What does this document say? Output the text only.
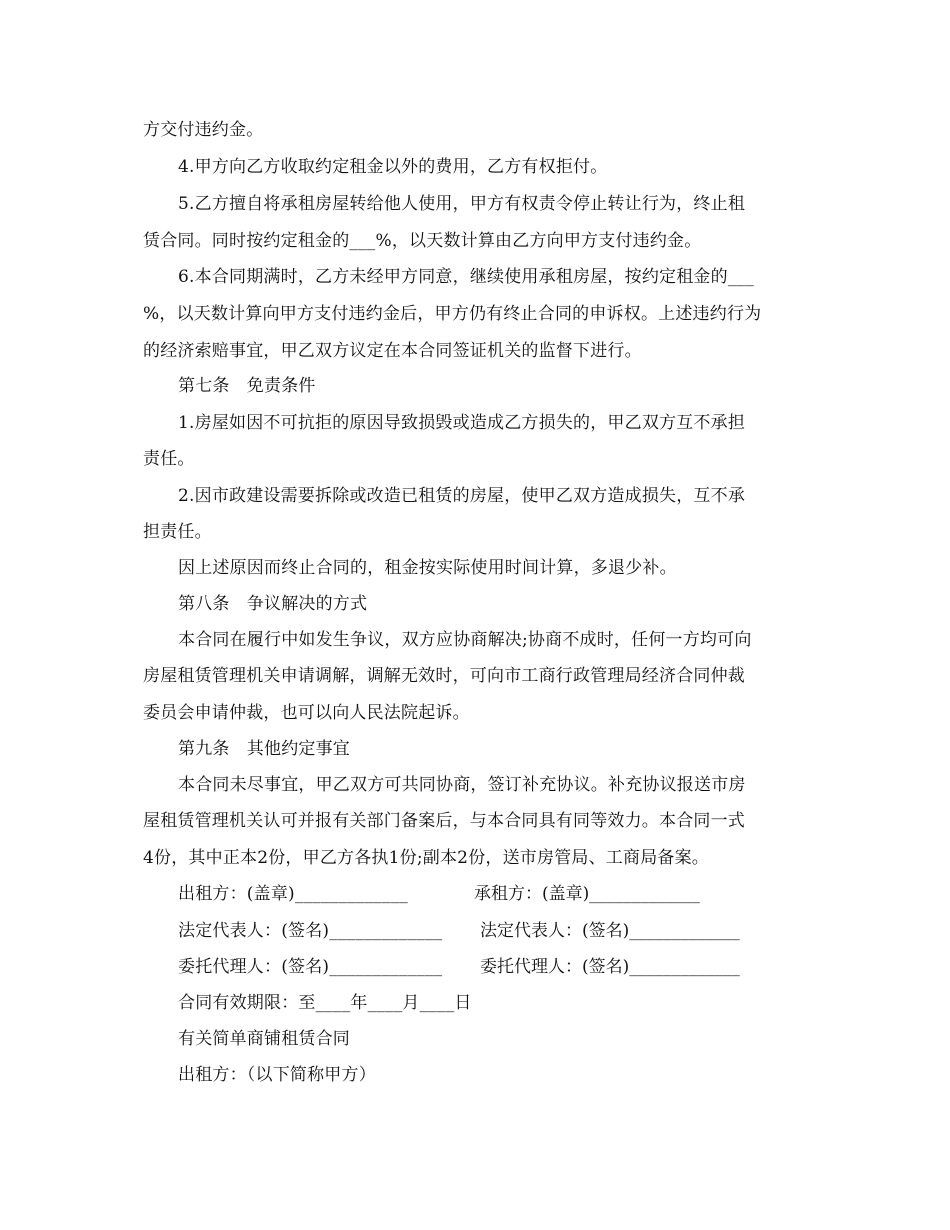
方交付违约金。
4.甲方向乙方收取约定租金以外的费用，乙方有权拒付。
5.乙方擅自将承租房屋转给他人使用，甲方有权责令停止转让行为，终止租
赁合同。同时按约定租金的___%，以天数计算由乙方向甲方支付违约金。
6.本合同期满时，乙方未经甲方同意，继续使用承租房屋，按约定租金的___
%，以天数计算向甲方支付违约金后，甲方仍有终止合同的申诉权。上述违约行为
的经济索赔事宜，甲乙双方议定在本合同签证机关的监督下进行。
第七条　免责条件
1.房屋如因不可抗拒的原因导致损毁或造成乙方损失的，甲乙双方互不承担
责任。
2.因市政建设需要拆除或改造已租赁的房屋，使甲乙双方造成损失，互不承
担责任。
因上述原因而终止合同的，租金按实际使用时间计算，多退少补。
第八条　争议解决的方式
本合同在履行中如发生争议，双方应协商解决;协商不成时，任何一方均可向
房屋租赁管理机关申请调解，调解无效时，可向市工商行政管理局经济合同仲裁
委员会申请仲裁，也可以向人民法院起诉。
第九条　其他约定事宜
本合同未尽事宜，甲乙双方可共同协商，签订补充协议。补充协议报送市房
屋租赁管理机关认可并报有关部门备案后，与本合同具有同等效力。本合同一式
4份，其中正本2份，甲乙方各执1份;副本2份，送市房管局、工商局备案。
出租方：(盖章)_____________	承租方：(盖章)_____________
法定代表人：(签名)_____________ 法定代表人：(签名)_____________
委托代理人：(签名)_____________ 委托代理人：(签名)_____________
合同有效期限：至____年____月____日
有关简单商铺租赁合同
出租方：（以下简称甲方）
